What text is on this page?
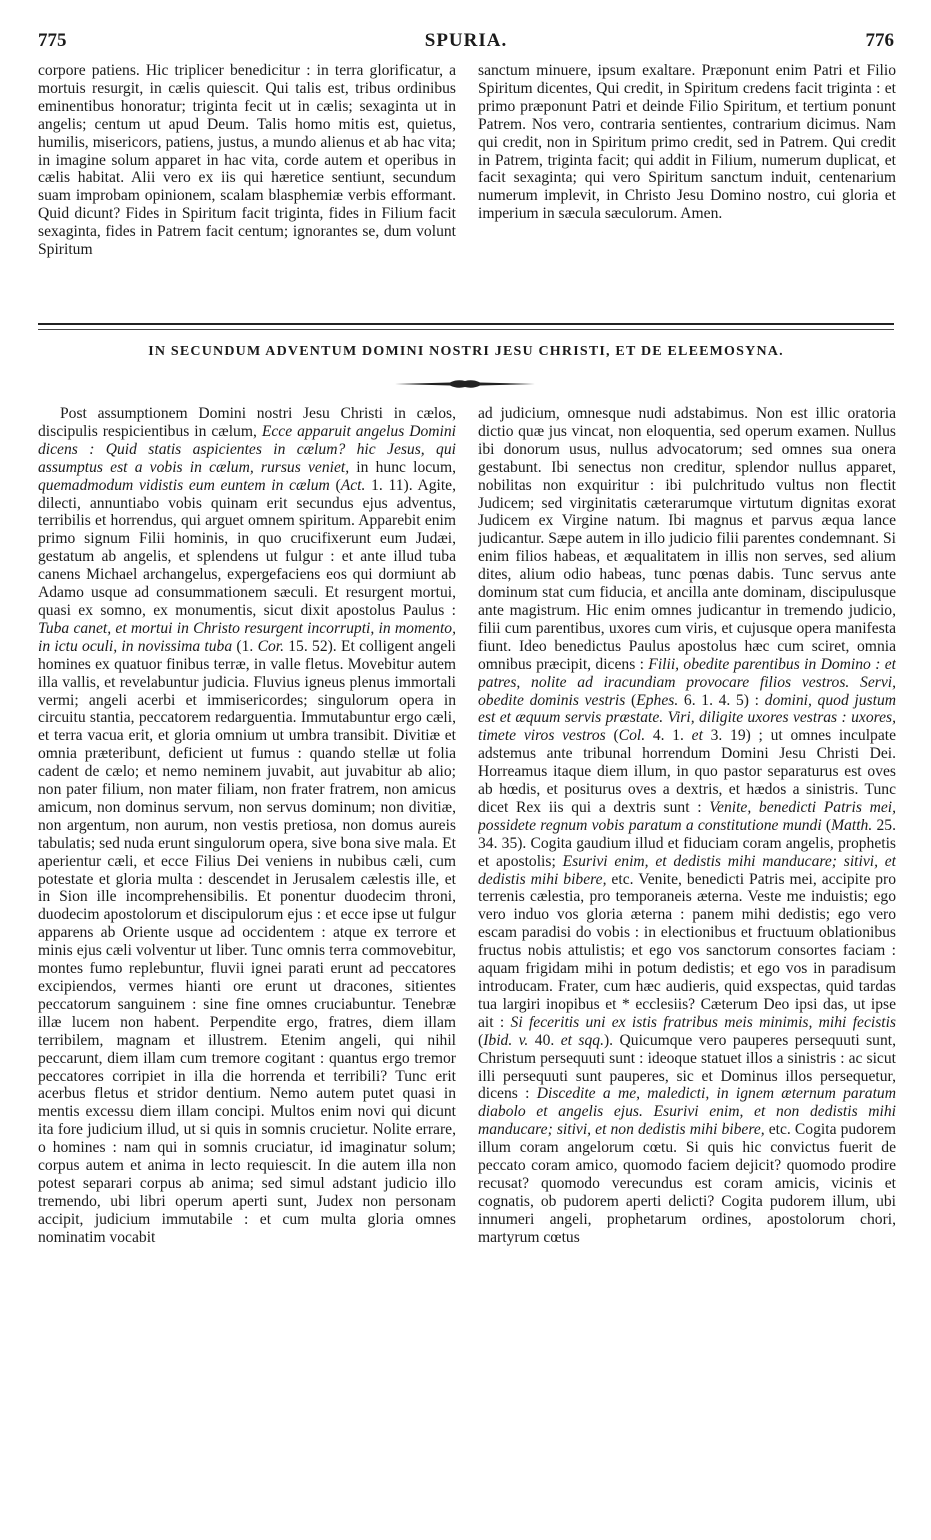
775	SPURIA.	776

corpore patiens. Hic triplicer benedicitur : in terra glorificatur, a mortuis resurgit, in cælis quiescit. Qui talis est, tribus ordinibus eminentibus honoratur; triginta fecit ut in cælis; sexaginta ut in angelis; centum ut apud Deum. Talis homo mitis est, quietus, humilis, misericors, patiens, justus, a mundo alienus et ab hac vita; in imagine solum apparet in hac vita, corde autem et operibus in cælis habitat. Alii vero ex iis qui hæretice sentiunt, secundum suam improbam opinionem, scalam blasphemiæ verbis efformant. Quid dicunt? Fides in Spiritum facit triginta, fides in Filium facit sexaginta, fides in Patrem facit centum; ignorantes se, dum volunt Spiritum

sanctum minuere, ipsum exaltare. Præponunt enim Patri et Filio Spiritum dicentes, Qui credit, in Spiritum credens facit triginta : et primo præponunt Patri et deinde Filio Spiritum, et tertium ponunt Patrem. Nos vero, contraria sentientes, contrarium dicimus. Nam qui credit, non in Spiritum primo credit, sed in Patrem. Qui credit in Patrem, triginta facit; qui addit in Filium, numerum duplicat, et facit sexaginta; qui vero Spiritum sanctum induit, centenarium numerum implevit, in Christo Jesu Domino nostro, cui gloria et imperium in sæcula sæculorum. Amen.

IN SECUNDUM ADVENTUM DOMINI NOSTRI JESU CHRISTI, ET DE ELEEMOSYNA.

Post assumptionem Domini nostri Jesu Christi in cælos, discipulis respicientibus in cælum, Ecce apparuit angelus Domini dicens : Quid statis aspicientes in cælum? hic Jesus, qui assumptus est a vobis in cælum, rursus veniet, in hunc locum, quemadmodum vidistis eum euntem in cælum (Act. 1. 11). Agite, dilecti, annuntiabo vobis quinam erit secundus ejus adventus, terribilis et horrendus, qui arguet omnem spiritum. Apparebit enim primo signum Filii hominis, in quo crucifixerunt eum Judæi, gestatum ab angelis, et splendens ut fulgur : et ante illud tuba canens Michael archangelus, expergefaciens eos qui dormiunt ab Adamo usque ad consummationem sæculi. Et resurgent mortui, quasi ex somno, ex monumentis, sicut dixit apostolus Paulus : Tuba canet, et mortui in Christo resurgent incorrupti, in momento, in ictu oculi, in novissima tuba (1. Cor. 15. 52). Et colligent angeli homines ex quatuor finibus terræ, in valle fletus. Movebitur autem illa vallis, et revelabuntur judicia. Fluvius igneus plenus immortali vermi; angeli acerbi et immisericordes; singulorum opera in circuitu stantia, peccatorem redarguentia. Immutabuntur ergo cæli, et terra vacua erit, et gloria omnium ut umbra transibit. Divitiæ et omnia præteribunt, deficient ut fumus : quando stellæ ut folia cadent de cælo; et nemo neminem juvabit, aut juvabitur ab alio; non pater filium, non mater filiam, non frater fratrem, non amicus amicum, non dominus servum, non servus dominum; non divitiæ, non argentum, non aurum, non vestis pretiosa, non domus aureis tabulatis; sed nuda erunt singulorum opera, sive bona sive mala. Et aperientur cæli, et ecce Filius Dei veniens in nubibus cæli, cum potestate et gloria multa : descendet in Jerusalem cælestis ille, et in Sion ille incomprehensibilis. Et ponentur duodecim throni, duodecim apostolorum et discipulorum ejus : et ecce ipse ut fulgur apparens ab Oriente usque ad occidentem : atque ex terrore et minis ejus cæli volventur ut liber. Tunc omnis terra commovebitur, montes fumo replebuntur, fluvii ignei parati erunt ad peccatores excipiendos, vermes hianti ore erunt ut dracones, sitientes peccatorum sanguinem : sine fine omnes cruciabuntur. Tenebræ illæ lucem non habent. Perpendite ergo, fratres, diem illam terribilem, magnam et illustrem. Etenim angeli, qui nihil peccarunt, diem illam cum tremore cogitant : quantus ergo tremor peccatores corripiet in illa die horrenda et terribili? Tunc erit acerbus fletus et stridor dentium. Nemo autem putet quasi in mentis excessu diem illam concipi. Multos enim novi qui dicunt ita fore judicium illud, ut si quis in somnis crucietur. Nolite errare, o homines : nam qui in somnis cruciatur, id imaginatur solum; corpus autem et anima in lecto requiescit. In die autem illa non potest separari corpus ab anima; sed simul adstant judicio illo tremendo, ubi libri operum aperti sunt, Judex non personam accipit, judicium immutabile : et cum multa gloria omnes nominatim vocabit

ad judicium, omnesque nudi adstabimus. Non est illic oratoria dictio quæ jus vincat, non eloquentia, sed operum examen. Nullus ibi donorum usus, nullus advocatorum; sed omnes sua onera gestabunt. Ibi senectus non creditur, splendor nullus apparet, nobilitas non exquiritur : ibi pulchritudo vultus non flectit Judicem; sed virginitatis cæterarumque virtutum dignitas exorat Judicem ex Virgine natum. Ibi magnus et parvus æqua lance judicantur. Sæpe autem in illo judicio filii parentes condemnant. Si enim filios habeas, et æqualitatem in illis non serves, sed alium dites, alium odio habeas, tunc pœnas dabis. Tunc servus ante dominum stat cum fiducia, et ancilla ante dominam, discipulusque ante magistrum. Hic enim omnes judicantur in tremendo judicio, filii cum parentibus, uxores cum viris, et cujusque opera manifesta fiunt. Ideo benedictus Paulus apostolus hæc cum sciret, omnia omnibus præcipit, dicens : Filii, obedite parentibus in Domino : et patres, nolite ad iracundiam provocare filios vestros. Servi, obedite dominis vestris (Ephes. 6. 1. 4. 5) : domini, quod justum est et æquum servis præstate. Viri, diligite uxores vestras : uxores, timete viros vestros (Col. 4. 1. et 3. 19) ; ut omnes inculpate adstemus ante tribunal horrendum Domini Jesu Christi Dei. Horreamus itaque diem illum, in quo pastor separaturus est oves ab hœdis, et positurus oves a dextris, et hædos a sinistris. Tunc dicet Rex iis qui a dextris sunt : Venite, benedicti Patris mei, possidete regnum vobis paratum a constitutione mundi (Matth. 25. 34. 35). Cogita gaudium illud et fiduciam coram angelis, prophetis et apostolis; Esurivi enim, et dedistis mihi manducare; sitivi, et dedistis mihi bibere, etc. Venite, benedicti Patris mei, accipite pro terrenis cælestia, pro temporaneis æterna. Veste me induistis; ego vero induo vos gloria æterna : panem mihi dedistis; ego vero escam paradisi do vobis : in electionibus et fructuum oblationibus fructus nobis attulistis; et ego vos sanctorum consortes faciam : aquam frigidam mihi in potum dedistis; et ego vos in paradisum introducam. Frater, cum hæc audieris, quid exspectas, quid tardas tua largiri inopibus et * ecclesiis? Cæterum Deo ipsi das, ut ipse ait : Si feceritis uni ex istis fratribus meis minimis, mihi fecistis (Ibid. v. 40. et sqq.). Quicumque vero pauperes persequuti sunt, Christum persequuti sunt : ideoque statuet illos a sinistris : ac sicut illi persequuti sunt pauperes, sic et Dominus illos persequetur, dicens : Discedite a me, maledicti, in ignem æternum paratum diabolo et angelis ejus. Esurivi enim, et non dedistis mihi manducare; sitivi, et non dedistis mihi bibere, etc. Cogita pudorem illum coram angelorum cœtu. Si quis hic convictus fuerit de peccato coram amico, quomodo faciem dejicit? quomodo prodire recusat? quomodo verecundus est coram amicis, vicinis et cognatis, ob pudorem aperti delicti? Cogita pudorem illum, ubi innumeri angeli, prophetarum ordines, apostolorum chori, martyrum cœtus
